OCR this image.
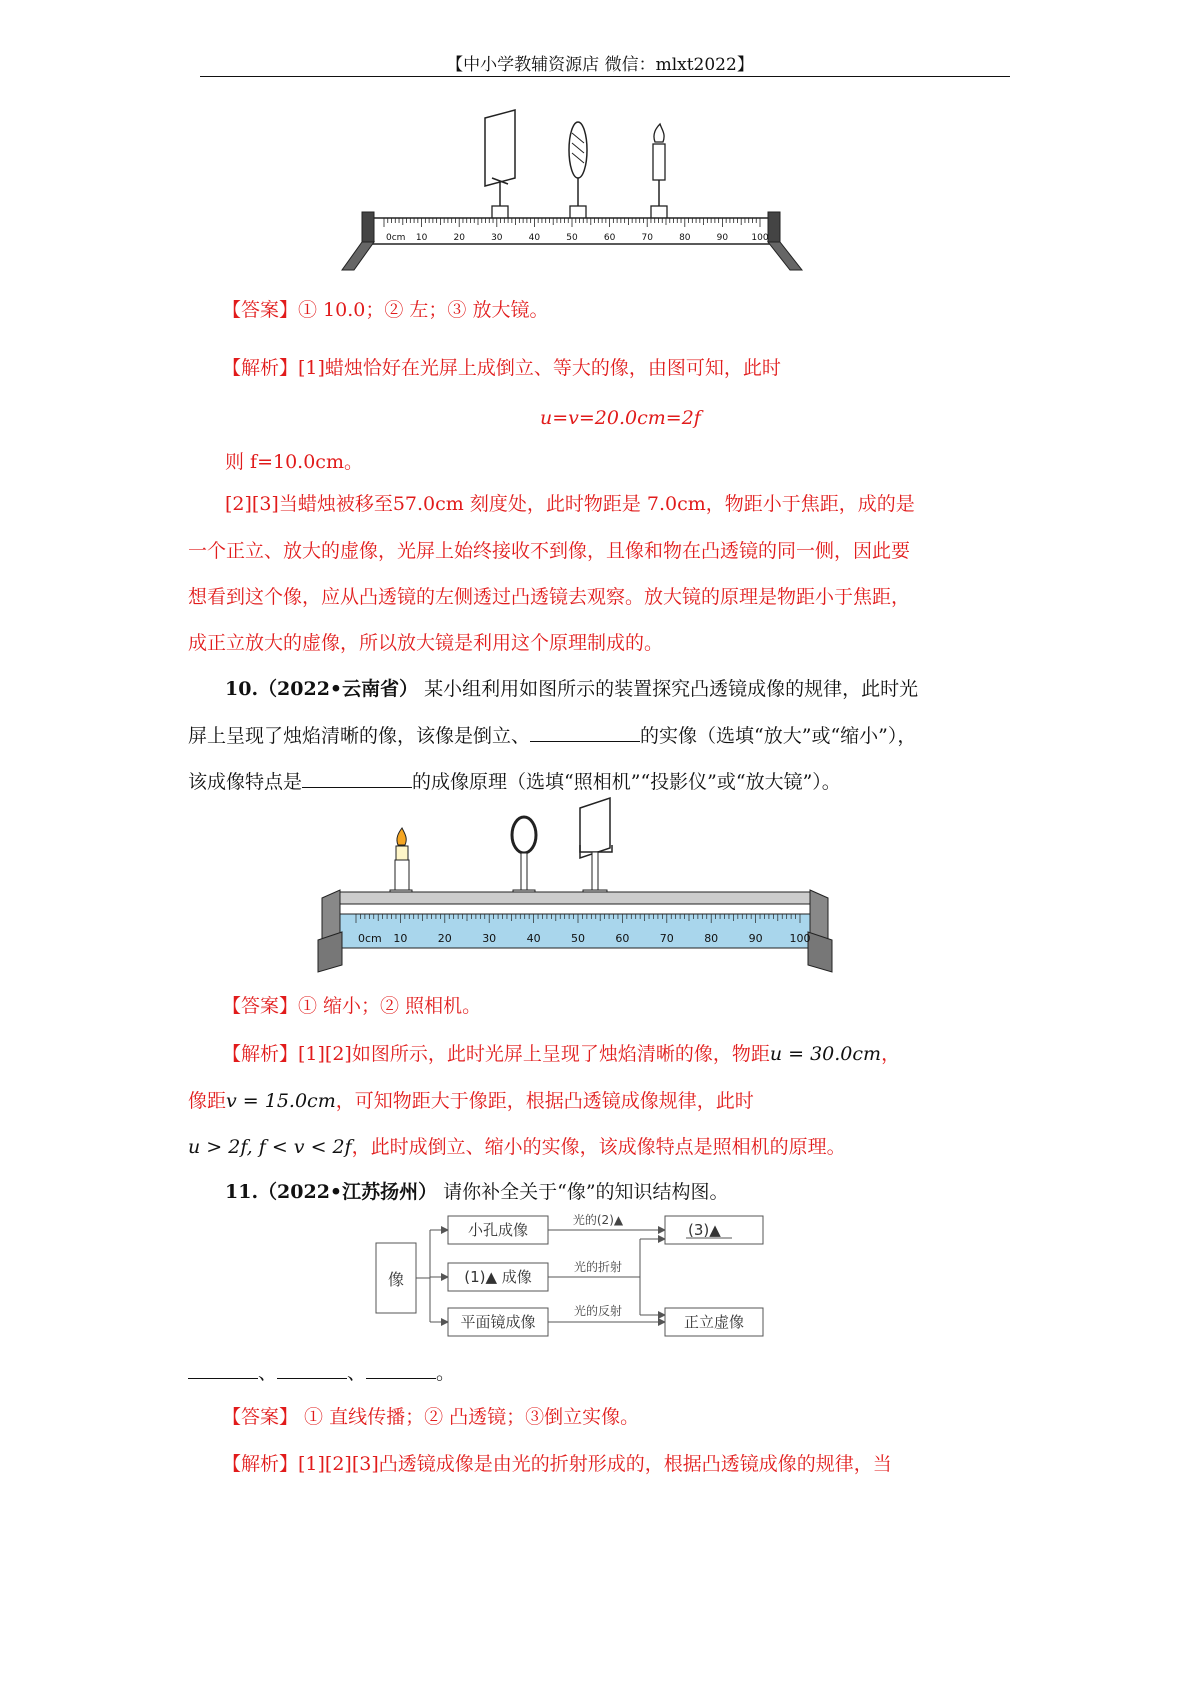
【中小学教辅资源店 微信：mlxt2022】
0cm 10	20	30	40	50	60	70	80	90	100
【答案】① 10.0；② 左；③ 放大镜。
【解析】[1]蜡烛恰好在光屏上成倒立、等大的像，由图可知，此时
u=v=20.0cm=2f
则 f=10.0cm。
[2][3]当蜡烛被移至57.0cm 刻度处，此时物距是 7.0cm，物距小于焦距，成的是
一个正立、放大的虚像，光屏上始终接收不到像，且像和物在凸透镜的同一侧，因此要
想看到这个像，应从凸透镜的左侧透过凸透镜去观察。放大镜的原理是物距小于焦距，
成正立放大的虚像，所以放大镜是利用这个原理制成的。
10.（2022•云南省） 某小组利用如图所示的装置探究凸透镜成像的规律，此时光
屏上呈现了烛焰清晰的像，该像是倒立、	的实像（选填“放大”或“缩小”），
该成像特点是	的成像原理（选填“照相机”“投影仪”或“放大镜”）。
0cm 10	20	30	40	50	60	70	80	90 100
【答案】① 缩小；② 照相机。
【解析】[1][2]如图所示，此时光屏上呈现了烛焰清晰的像，物距u = 30.0cm，
像距v = 15.0cm，可知物距大于像距，根据凸透镜成像规律，此时
u > 2f, f < v < 2f，此时成倒立、缩小的实像，该成像特点是照相机的原理。
11.（2022•江苏扬州） 请你补全关于“像”的知识结构图。
像
小孔成像
(1)▲ 成像
平面镜成像
光的(2)▲
光的折射
光的反射
(3)▲
正立虚像
、	、	。
【答案】 ① 直线传播；② 凸透镜；③倒立实像。
【解析】[1][2][3]凸透镜成像是由光的折射形成的，根据凸透镜成像的规律，当
